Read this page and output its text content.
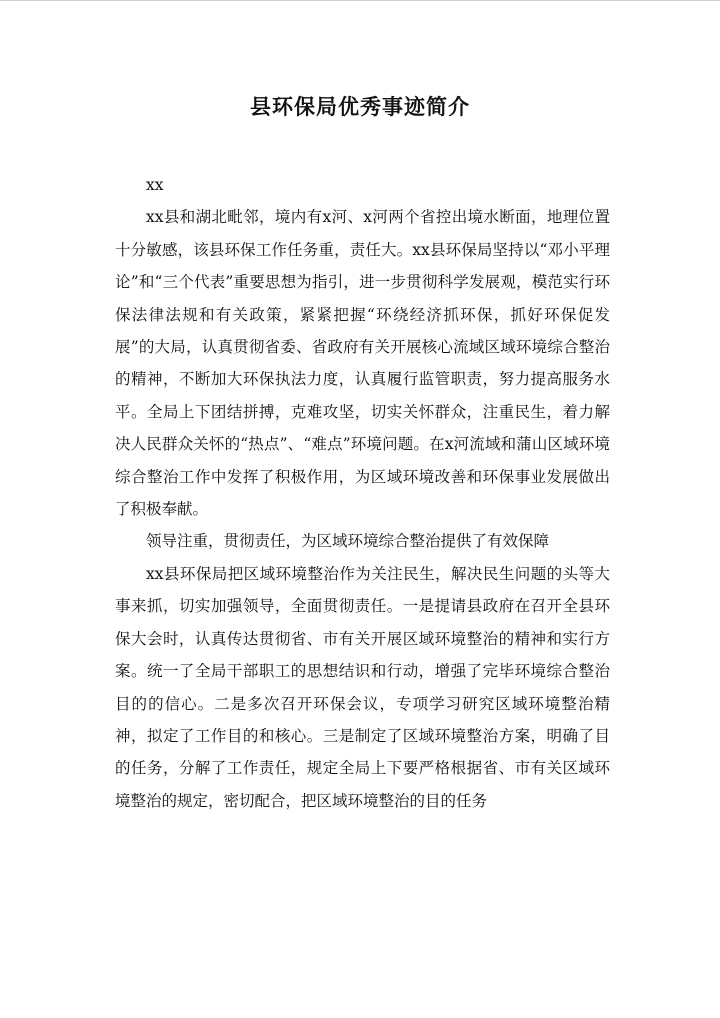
县环保局优秀事迹简介

xx

xx县和湖北毗邻，境内有x河、x河两个省控出境水断面，地理位置十分敏感，该县环保工作任务重，责任大。xx县环保局坚持以“邓小平理论”和“三个代表”重要思想为指引，进一步贯彻科学发展观，模范实行环保法律法规和有关政策，紧紧把握“环绕经济抓环保，抓好环保促发展”的大局，认真贯彻省委、省政府有关开展核心流域区域环境综合整治的精神，不断加大环保执法力度，认真履行监管职责，努力提高服务水平。全局上下团结拼搏，克难攻坚，切实关怀群众，注重民生，着力解决人民群众关怀的“热点”、“难点”环境问题。在x河流域和蒲山区域环境综合整治工作中发挥了积极作用，为区域环境改善和环保事业发展做出了积极奉献。

领导注重，贯彻责任，为区域环境综合整治提供了有效保障

xx县环保局把区域环境整治作为关注民生，解决民生问题的头等大事来抓，切实加强领导，全面贯彻责任。一是提请县政府在召开全县环保大会时，认真传达贯彻省、市有关开展区域环境整治的精神和实行方案。统一了全局干部职工的思想结识和行动，增强了完毕环境综合整治目的的信心。二是多次召开环保会议，专项学习研究区域环境整治精神，拟定了工作目的和核心。三是制定了区域环境整治方案，明确了目的任务，分解了工作责任，规定全局上下要严格根据省、市有关区域环境整治的规定，密切配合，把区域环境整治的目的任务
